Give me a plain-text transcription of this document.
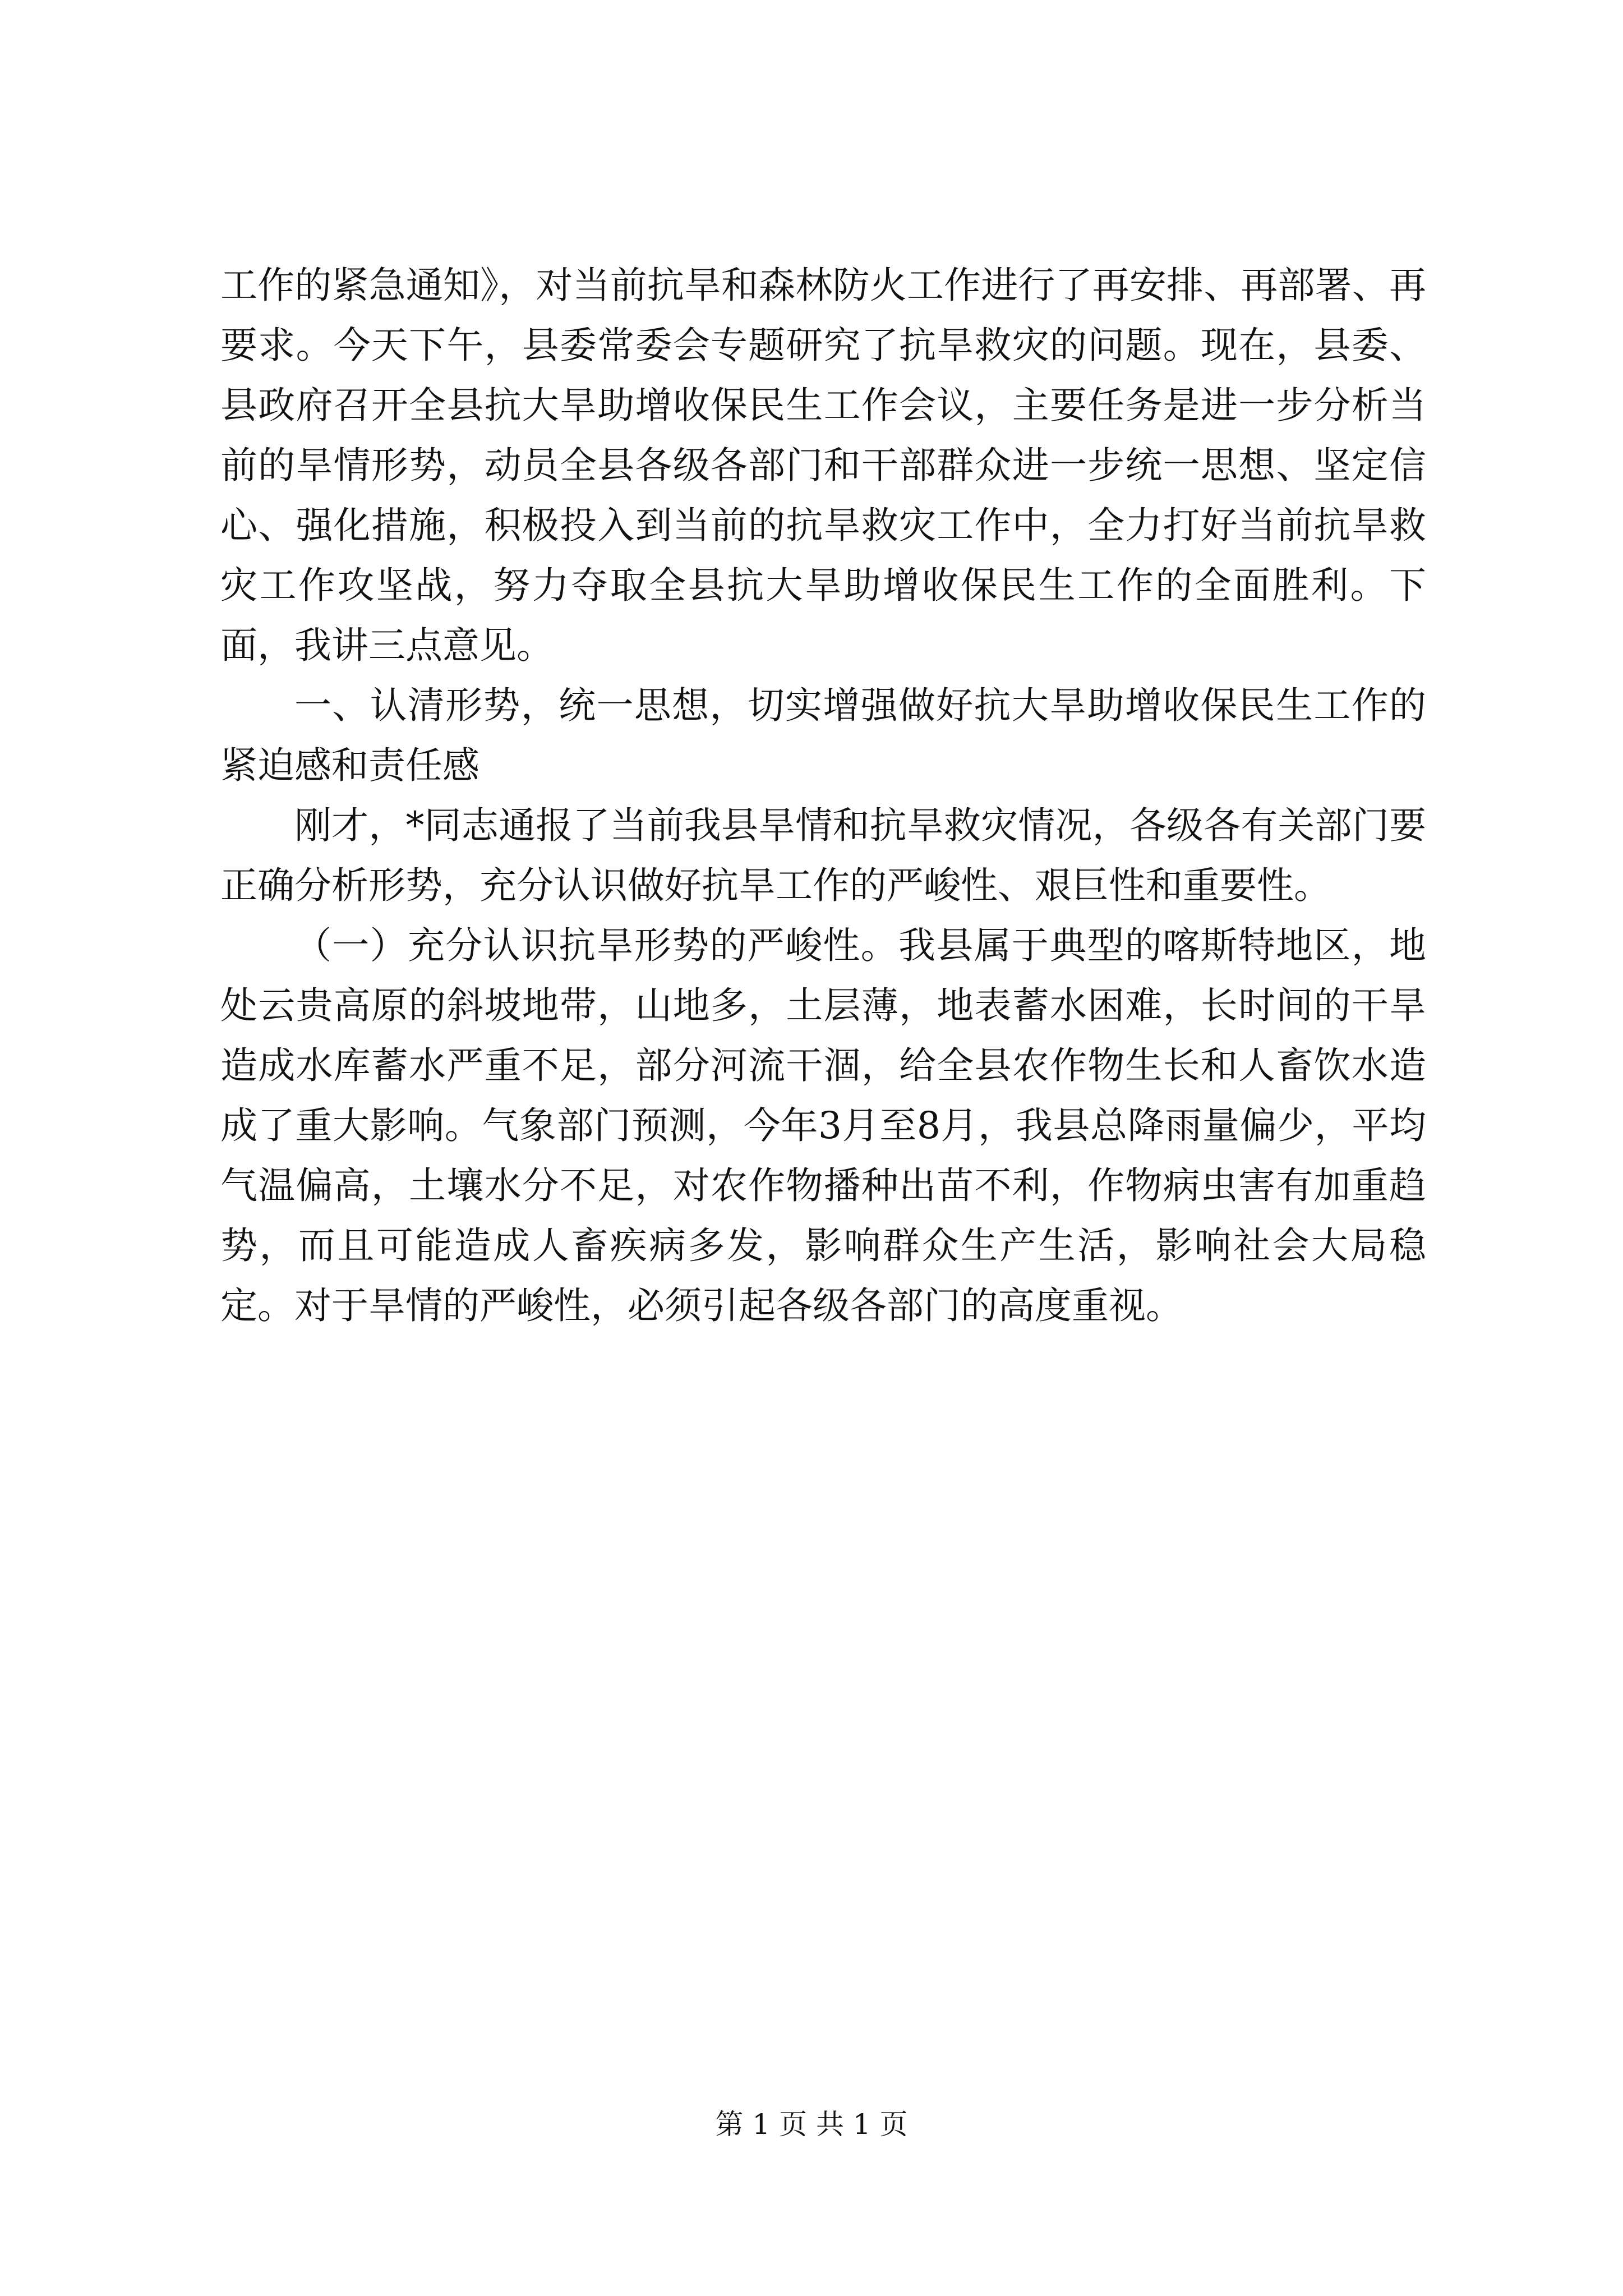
工作的紧急通知》，对当前抗旱和森林防火工作进行了再安排、再部署、再要求。今天下午，县委常委会专题研究了抗旱救灾的问题。现在，县委、县政府召开全县抗大旱助增收保民生工作会议，主要任务是进一步分析当前的旱情形势，动员全县各级各部门和干部群众进一步统一思想、坚定信心、强化措施，积极投入到当前的抗旱救灾工作中，全力打好当前抗旱救灾工作攻坚战，努力夺取全县抗大旱助增收保民生工作的全面胜利。下面，我讲三点意见。

一、认清形势，统一思想，切实增强做好抗大旱助增收保民生工作的紧迫感和责任感

刚才，*同志通报了当前我县旱情和抗旱救灾情况，各级各有关部门要正确分析形势，充分认识做好抗旱工作的严峻性、艰巨性和重要性。

（一）充分认识抗旱形势的严峻性。我县属于典型的喀斯特地区，地处云贵高原的斜坡地带，山地多，土层薄，地表蓄水困难，长时间的干旱造成水库蓄水严重不足，部分河流干涸，给全县农作物生长和人畜饮水造成了重大影响。气象部门预测，今年3月至8月，我县总降雨量偏少，平均气温偏高，土壤水分不足，对农作物播种出苗不利，作物病虫害有加重趋势，而且可能造成人畜疾病多发，影响群众生产生活，影响社会大局稳定。对于旱情的严峻性，必须引起各级各部门的高度重视。

第 1 页 共 1 页
